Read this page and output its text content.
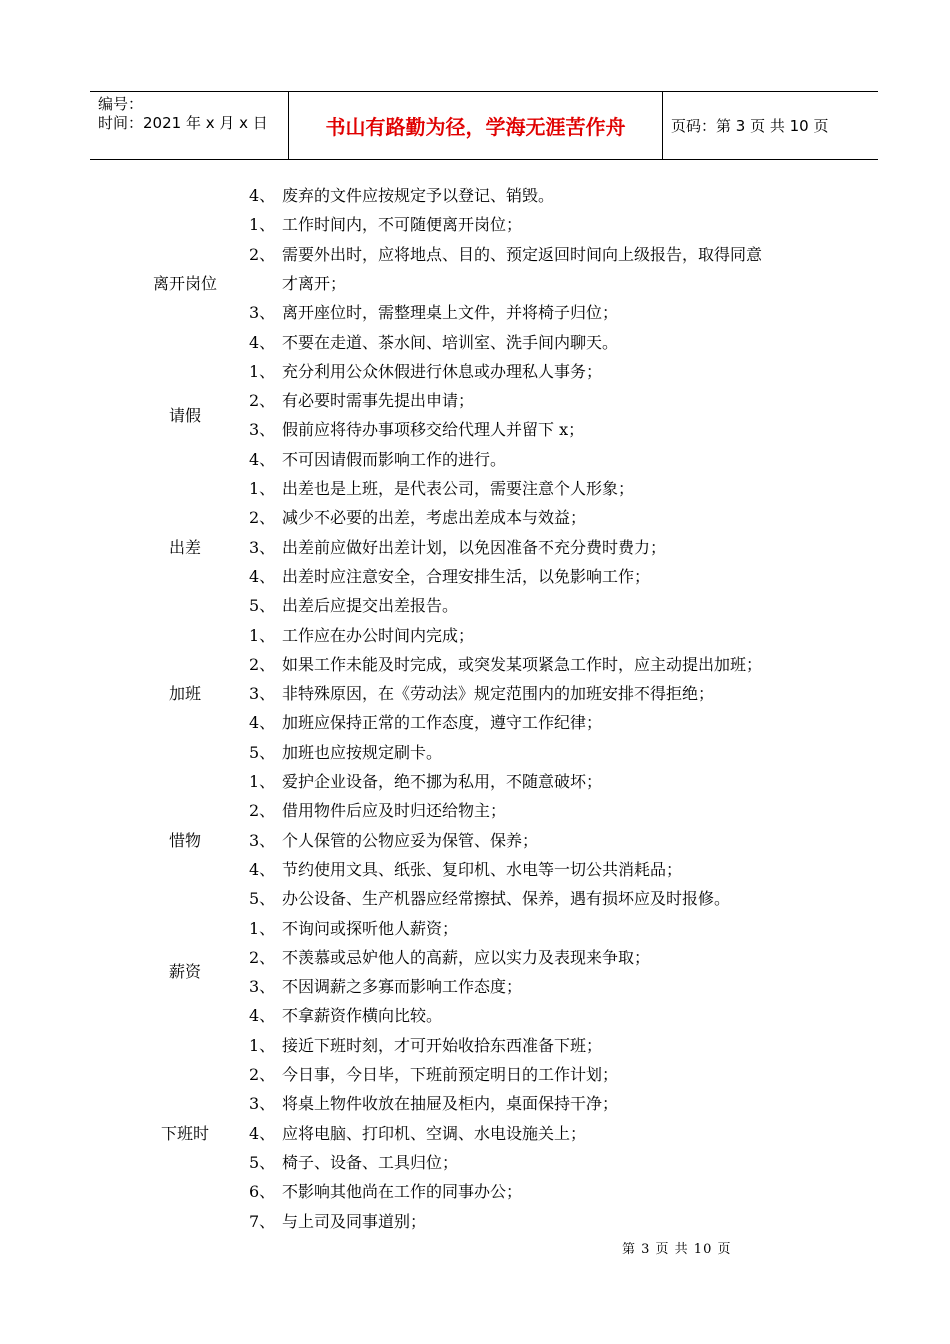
编号：
时间：2021 年 x 月 x 日	书山有路勤为径，学海无涯苦作舟	页码：第 3 页 共 10 页
4、 废弃的文件应按规定予以登记、销毁。
1、 工作时间内，不可随便离开岗位；
2、 需要外出时，应将地点、目的、预定返回时间向上级报告，取得同意
才离开；
3、 离开座位时，需整理桌上文件，并将椅子归位；
4、 不要在走道、茶水间、培训室、洗手间内聊天。
离开岗位
1、 充分利用公众休假进行休息或办理私人事务；
2、 有必要时需事先提出申请；
3、 假前应将待办事项移交给代理人并留下 x；
4、 不可因请假而影响工作的进行。
请假
1、 出差也是上班，是代表公司，需要注意个人形象；
2、 减少不必要的出差，考虑出差成本与效益；
3、 出差前应做好出差计划，以免因准备不充分费时费力；
4、 出差时应注意安全，合理安排生活，以免影响工作；
5、 出差后应提交出差报告。
出差
1、 工作应在办公时间内完成；
2、 如果工作未能及时完成，或突发某项紧急工作时，应主动提出加班；
3、 非特殊原因，在《劳动法》规定范围内的加班安排不得拒绝；
4、 加班应保持正常的工作态度，遵守工作纪律；
5、 加班也应按规定刷卡。
加班
1、 爱护企业设备，绝不挪为私用，不随意破坏；
2、 借用物件后应及时归还给物主；
3、 个人保管的公物应妥为保管、保养；
4、 节约使用文具、纸张、复印机、水电等一切公共消耗品；
5、 办公设备、生产机器应经常擦拭、保养，遇有损坏应及时报修。
惜物
1、 不询问或探听他人薪资；
2、 不羡慕或忌妒他人的高薪，应以实力及表现来争取；
3、 不因调薪之多寡而影响工作态度；
4、 不拿薪资作横向比较。
薪资
1、 接近下班时刻，才可开始收拾东西准备下班；
2、 今日事，今日毕，下班前预定明日的工作计划；
3、 将桌上物件收放在抽屉及柜内，桌面保持干净；
4、 应将电脑、打印机、空调、水电设施关上；
5、 椅子、设备、工具归位；
6、 不影响其他尚在工作的同事办公；
7、 与上司及同事道别；
下班时
第 3 页 共 10 页
